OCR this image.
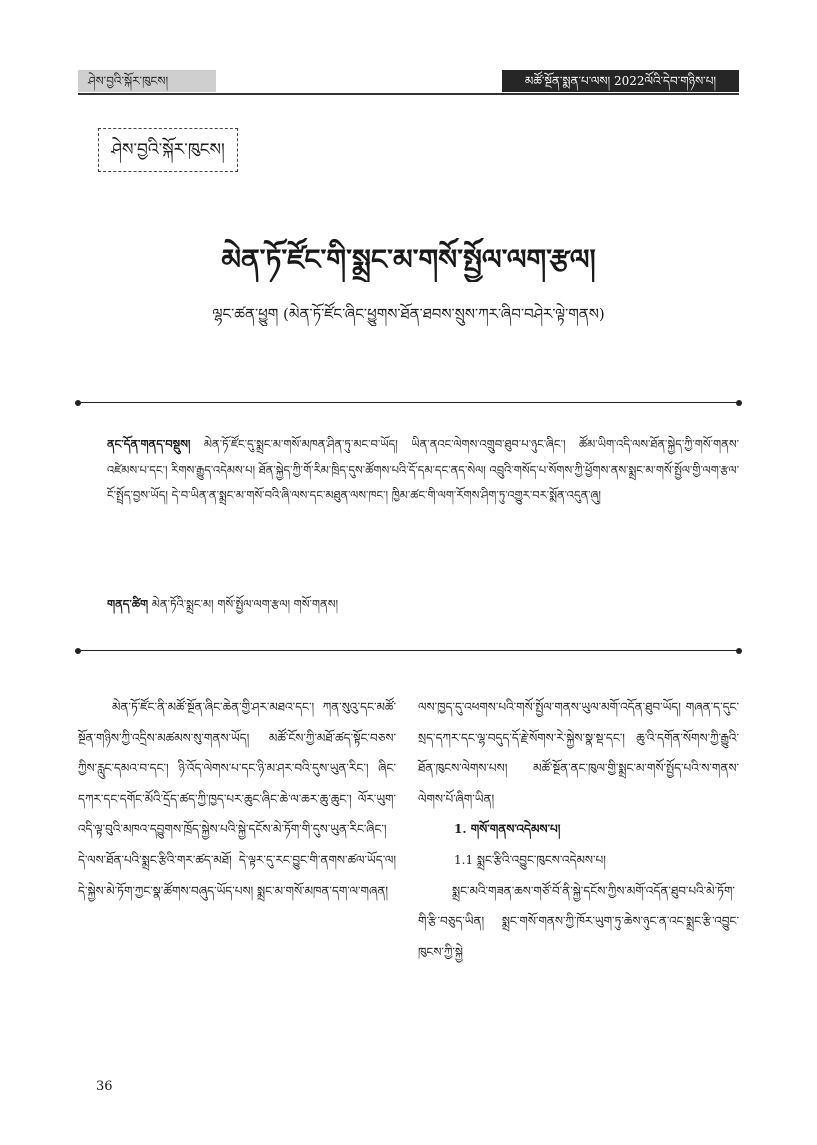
ཤེས་བྱའི་སྐོར་ཁུངས།	མཚོ་སྔོན་སྨན་པ་ལས། 2022ལོའི་དེབ་གཉིས་པ།
ཤེས་བྱའི་སྐོར་ཁུངས།
མེན་ཏོ་ཛོང་གི་སྨྲང་མ་གསོ་སྤྱོལ་ལག་རྩལ།
ལྷང་ཚན་ཕྱུག (མེན་ཏོ་ཛོང་ཞིང་ཕྱུགས་ཐོན་ཐབས་སྲུས་ཀར་ཞིབ་བཤེར་ལྟེ་གནས)

ནང་དོན་གནད་བསྡུས། མེན་ཏོ་ཛོང་དུ་སྨྲང་མ་གསོ་མཁན་ཤིན་ཏུ་མང་བ་ཡོད། ཡིན་ནའང་ལེགས་འགྲུབ་ཐུབ་པ་ཉུང་ཞིང་། ཚོམ་ཡིག་འདི་ལས་ཐོན་སྐྱེད་ཀྱི་གསོ་གནས་འཛེམས་པ་དང་། རིགས་རྒྱུད་འདེམས་པ། ཐོན་སྐྱེད་ཀྱི་གོ་རིམ་ཁྲིད་དུས་ཚོགས་པའི་དོ་དམ་དང་ནད་སེལ། འབྲུའི་གསོད་པ་སོགས་ཀྱི་ཕྱོགས་ནས་སྨྲང་མ་གསོ་སྤྱོལ་གྱི་ལག་རྩལ་ངོ་སྤྲོད་བྱས་ཡོད། དེ་བ་ཡིན་ན་སྨྲང་མ་གསོ་བའི་ཞི་ལས་དང་མཐུན་ལས་ཁང་། ཁྱིམ་ཚང་གི་ལག་རོགས་ཤིག་ཏུ་འགྱུར་བར་སྨོན་འདུན་ཞུ།

གནད་ཚིག མེན་ཏོའི་སྨྲང་མ། གསོ་སྤྱོལ་ལག་རྩལ། གསོ་གནས།

མེན་ཏོ་ཛོང་ནི་མཚོ་སྔོན་ཞིང་ཆེན་གྱི་ཤར་མཐའ་དང་། ཀན་སུའུ་དང་མཚོ་སྔོན་གཉིས་ཀྱི་འདྲིས་མཚམས་སུ་གནས་ཡོད། མཚོ་ངོས་ཀྱི་མཐོ་ཚད་སྟོང་བཅས་ཀྱིས་རླུང་དམའ་བ་དང་། ཉི་འོད་ལེགས་པ་དང་ཉི་མ་ཤར་བའི་དུས་ཡུན་རིང་། ཞིང་དཀར་དང་དགོང་མོའི་དྲོད་ཚད་ཀྱི་ཁྱད་པར་ཆུང་ཞིང་ཆེ་ལ་ཆར་ཆུ་ཆུང་། ལོར་ཡུག་འདི་ལྟ་བུའི་མཁའ་དབྱུགས་ཁྲོད་སྐྱེས་པའི་སྐྱེ་དངོས་མེ་ཏོག་གི་དུས་ཡུན་རིང་ཞིང་། དེ་ལས་ཐོན་པའི་སྨྲང་རྩིའི་གར་ཚད་མཐོ། དེ་ལྟར་དུ་རང་བྱུང་གི་ནགས་ཚལ་ཡོད་ལ། དེ་སྐྱེས་མེ་ཏོག་ཀྱང་སྣ་ཚོགས་བཞུད་ཡོད་པས། སྨྲང་མ་གསོ་མཁན་དག་ལ་གཞན།

ལས་ཁྱད་དུ་འཕགས་པའི་གསོ་སྤྱོལ་གནས་ཡུལ་མགོ་འདོན་ཐུབ་ཡོད། གཞན་ད་དུང་སྲད་དཀར་དང་ལྷ་བདུད་དོ་རྗེ་སོགས་རེ་སྐྱེས་སྣ་སྡ་དང་། ཆུ་འི་དགོན་སོགས་ཀྱི་རྒྱུའི་ཐོན་ཁུངས་ལེགས་པས། མཚོ་སྔོན་ནང་ཁུལ་གྱི་སྨྲང་མ་གསོ་སྤྱོད་པའི་ས་གནས་ལེགས་པོ་ཞིག་ཡིན།

1. གསོ་གནས་འདེམས་པ།

1.1 སྨྲང་རྩིའི་འབྱུང་ཁུངས་འདེམས་པ།

སྨྲང་མའི་གཟན་ཆས་གཙོ་བོ་ནི་སྐྱེ་དངོས་ཀྱིས་མགོ་འདོན་ཐུབ་པའི་མེ་ཏོག་གི་རྩི་བཅུད་ཡིན། སྨྲང་གསོ་གནས་ཀྱི་ཁོར་ཡུག་ཏུ་ཆེས་ཉུང་ན་འང་སྨྲང་རྩི་འབྱུང་ཁུངས་ཀྱི་སྐྱེ

36
